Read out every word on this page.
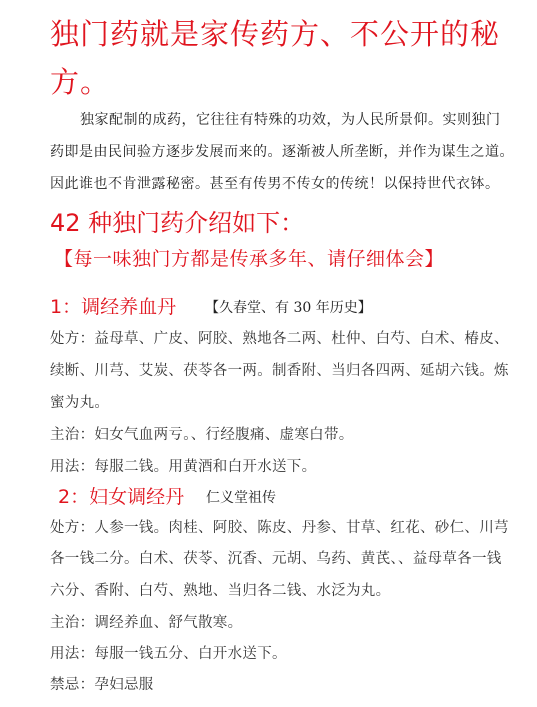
独门药就是家传药方、不公开的秘
方。
独家配制的成药，它往往有特殊的功效，为人民所景仰。实则独门
药即是由民间验方逐步发展而来的。逐渐被人所垄断，并作为谋生之道。
因此谁也不肯泄露秘密。甚至有传男不传女的传统！以保持世代衣钵。
42 种独门药介绍如下：
【每一味独门方都是传承多年、请仔细体会】
1：调经养血丹 【久春堂、有 30 年历史】
处方：益母草、广皮、阿胶、熟地各二两、杜仲、白芍、白术、椿皮、
续断、川芎、艾炭、茯苓各一两。制香附、当归各四两、延胡六钱。炼
蜜为丸。
主治：妇女气血两亏。、行经腹痛、虚寒白带。
用法：每服二钱。用黄酒和白开水送下。
2：妇女调经丹 仁义堂祖传
处方：人参一钱。肉桂、阿胶、陈皮、丹参、甘草、红花、砂仁、川芎
各一钱二分。白术、茯苓、沉香、元胡、乌药、黄芪、、益母草各一钱
六分、香附、白芍、熟地、当归各二钱、水泛为丸。
主治：调经养血、舒气散寒。
用法：每服一钱五分、白开水送下。
禁忌：孕妇忌服
